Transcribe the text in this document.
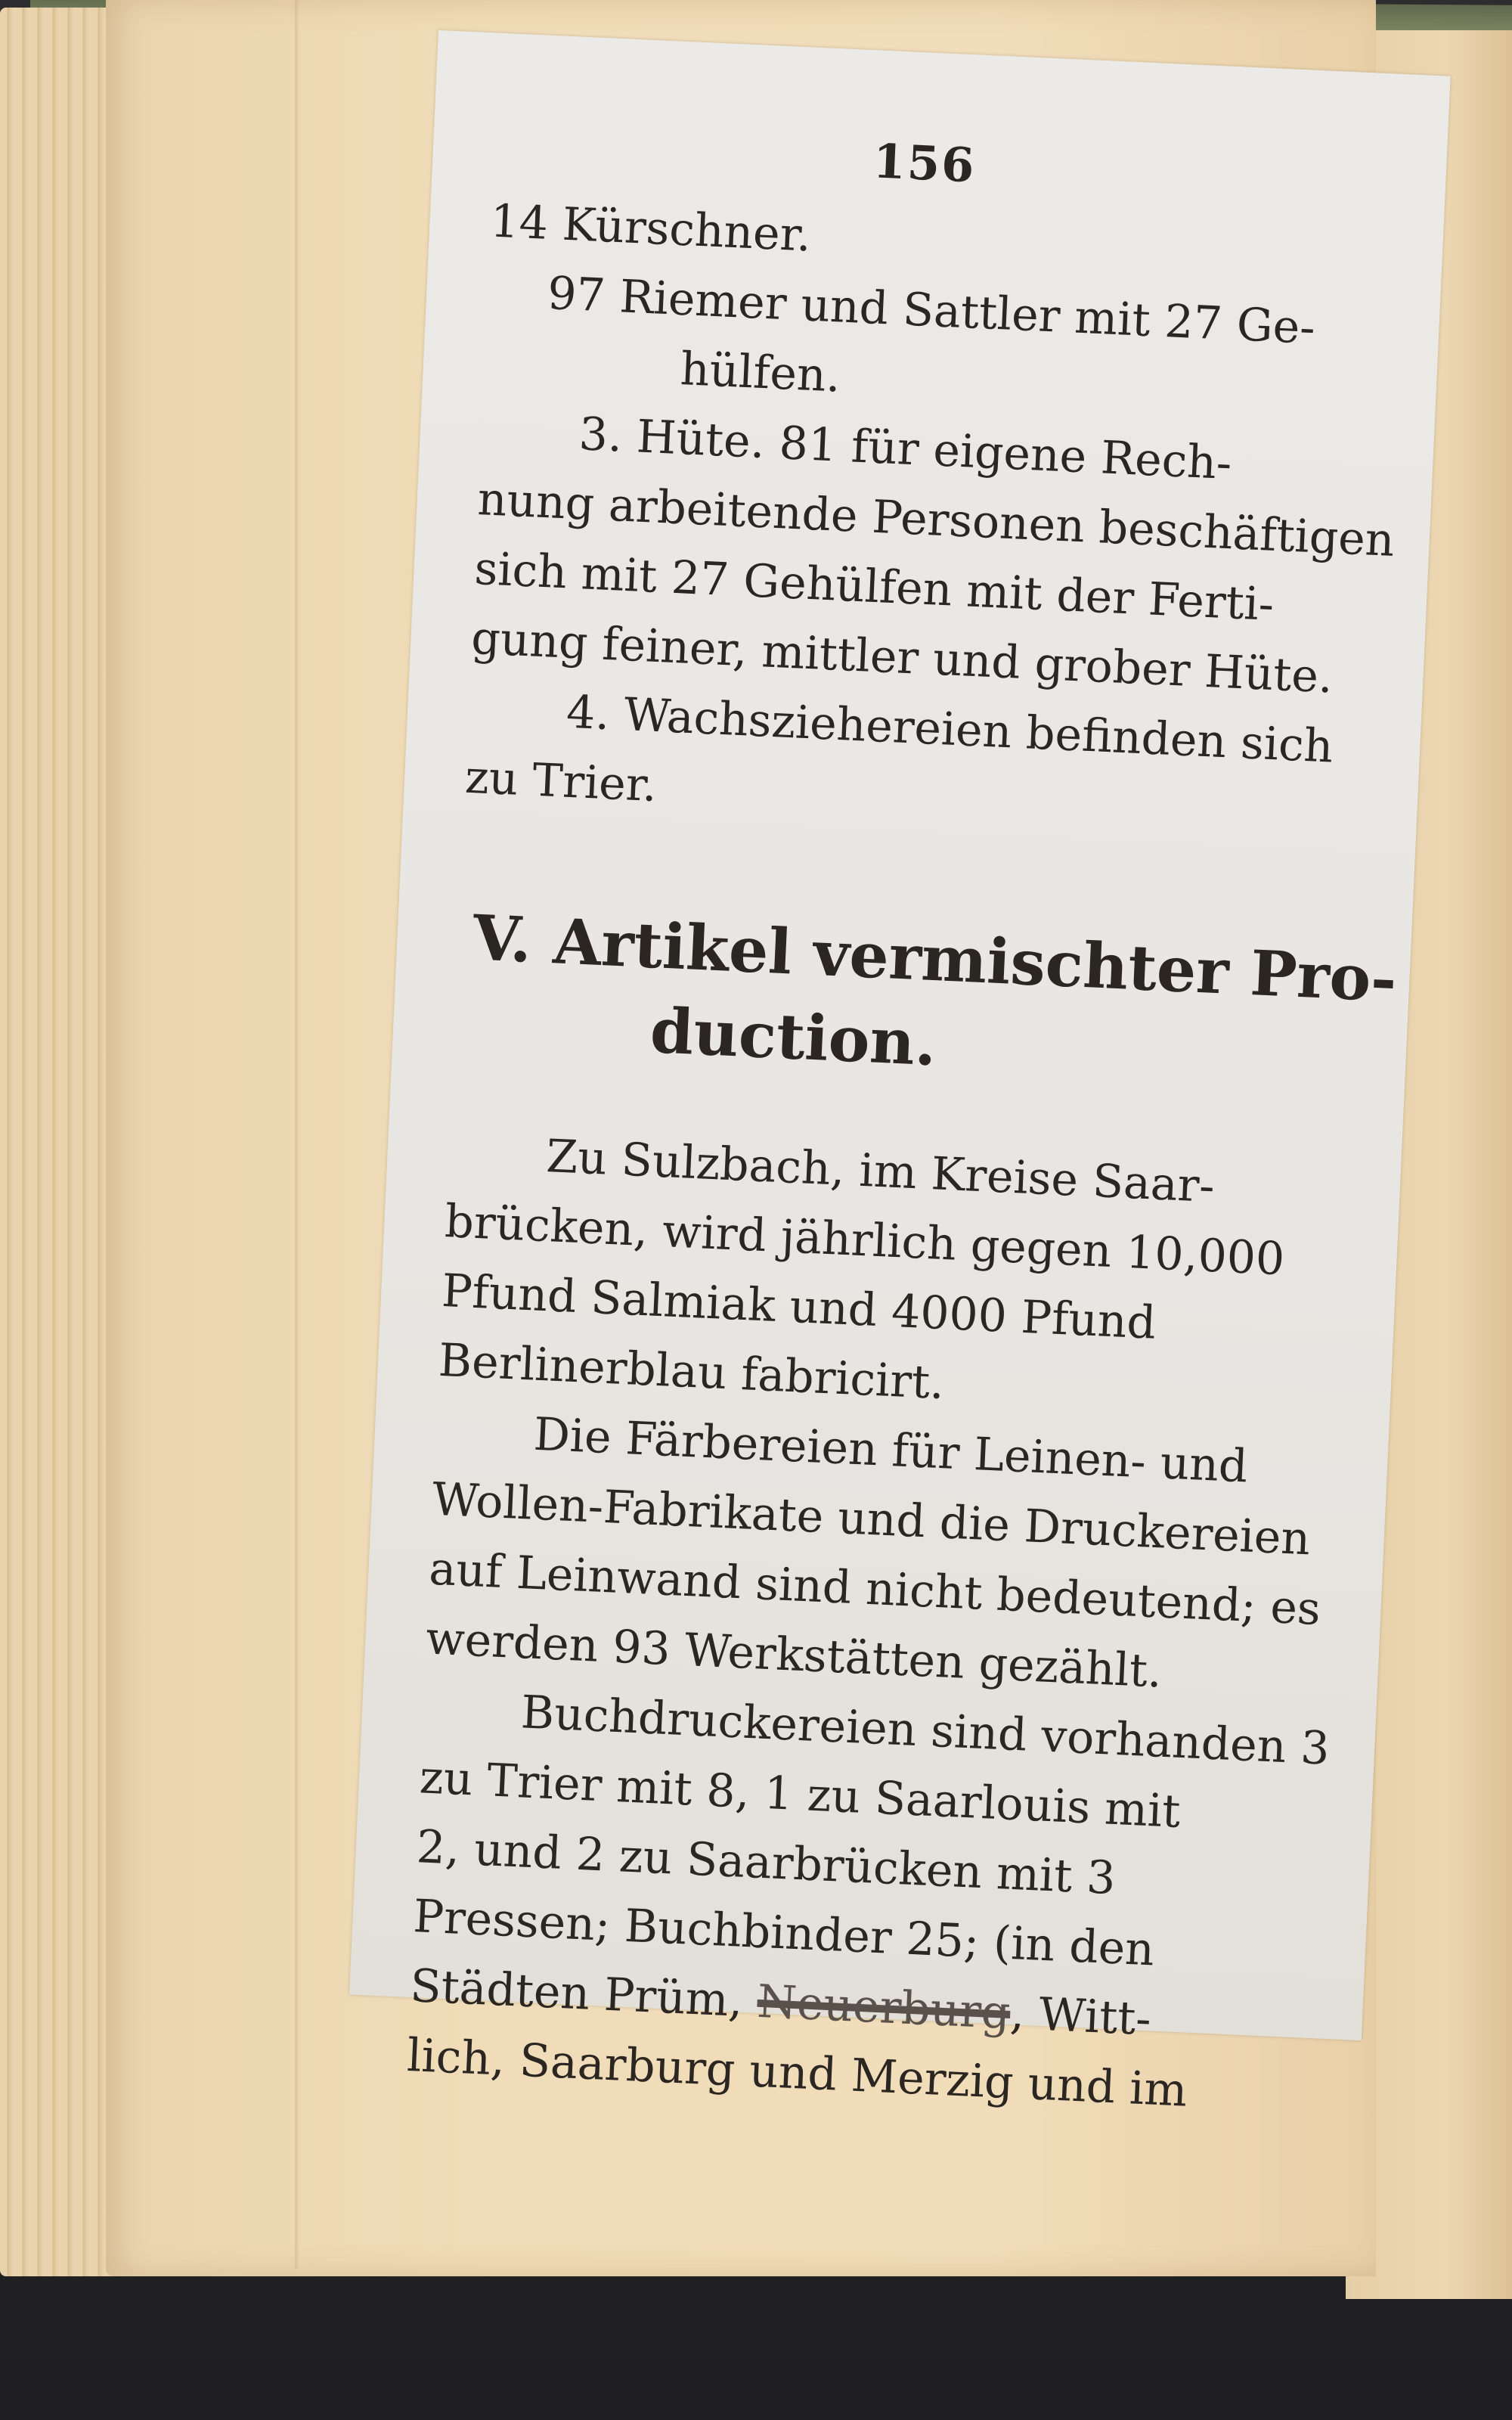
156
14 Kürschner.
97 Riemer und Sattler mit 27 Ge-
hülfen.
3. Hüte. 81 für eigene Rech-
nung arbeitende Personen beschäftigen
sich mit 27 Gehülfen mit der Ferti-
gung feiner, mittler und grober Hüte.
4. Wachsziehereien befinden sich
zu Trier.
V. Artikel vermischter Pro-
duction.
Zu Sulzbach, im Kreise Saar-
brücken, wird jährlich gegen 10,000
Pfund Salmiak und 4000 Pfund
Berlinerblau fabricirt.
Die Färbereien für Leinen- und
Wollen-Fabrikate und die Druckereien
auf Leinwand sind nicht bedeutend; es
werden 93 Werkstätten gezählt.
Buchdruckereien sind vorhanden 3
zu Trier mit 8, 1 zu Saarlouis mit
2, und 2 zu Saarbrücken mit 3
Pressen; Buchbinder 25; (in den
Städten Prüm, Neuerburg, Witt-
lich, Saarburg und Merzig und im
